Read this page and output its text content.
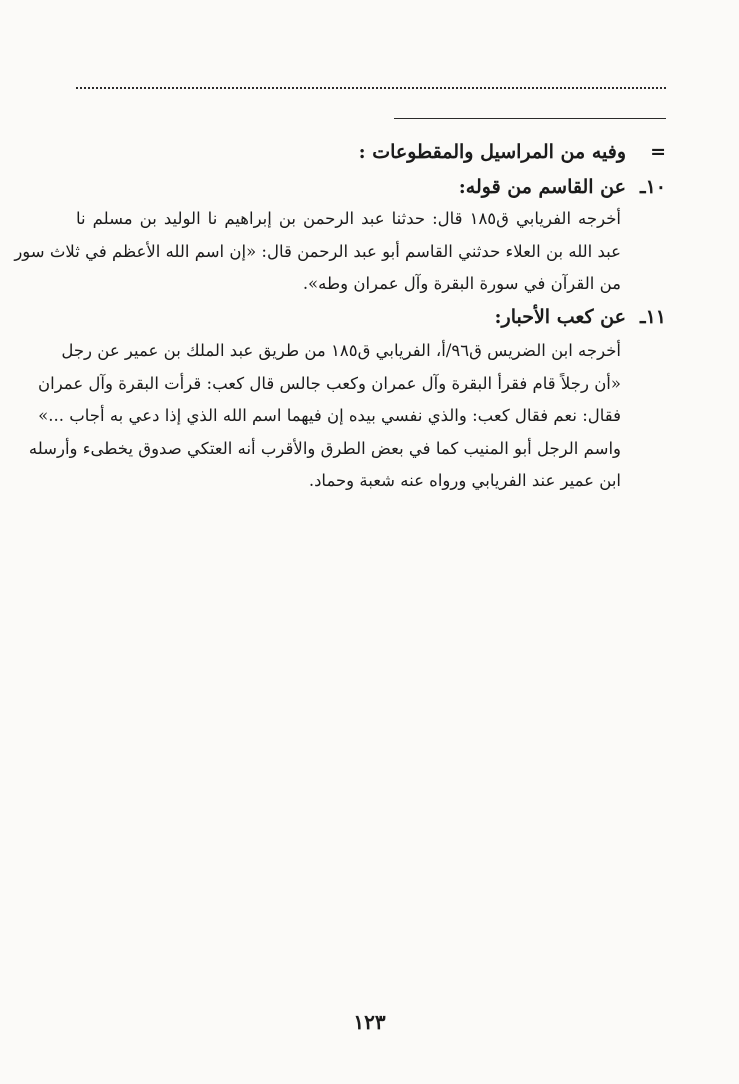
=وفيه من المراسيل والمقطوعات :
١٠ـعن القاسم من قوله:
أخرجه الفريابي ق١٨٥ قال: حدثنا عبد الرحمن بن إبراهيم نا الوليد بن مسلم نا
عبد الله بن العلاء حدثني القاسم أبو عبد الرحمن قال: «إن اسم الله الأعظم في ثلاث سور
من القرآن في سورة البقرة وآل عمران وطه».
١١ـعن كعب الأحبار:
أخرجه ابن الضريس ق٩٦/أ، الفريابي ق١٨٥ من طريق عبد الملك بن عمير عن رجل
«أن رجلاً قام فقرأ البقرة وآل عمران وكعب جالس قال كعب: قرأت البقرة وآل عمران
فقال: نعم فقال كعب: والذي نفسي بيده إن فيهما اسم الله الذي إذا دعي به أجاب ...»
واسم الرجل أبو المنيب كما في بعض الطرق والأقرب أنه العتكي صدوق يخطىء وأرسله
ابن عمير عند الفريابي ورواه عنه شعبة وحماد.
١٢٣
